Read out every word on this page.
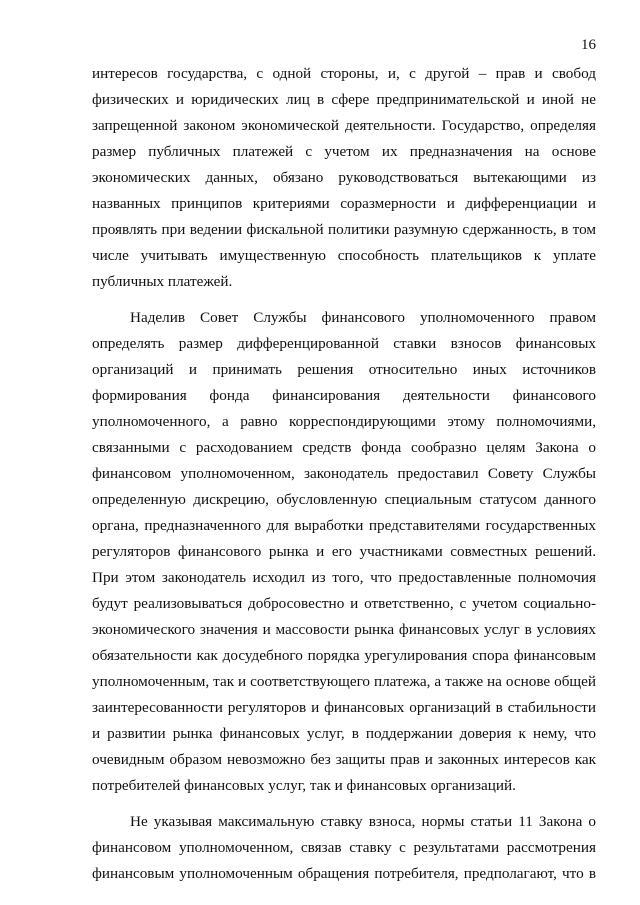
16
интересов государства, с одной стороны, и, с другой – прав и свобод
физических и юридических лиц в сфере предпринимательской и иной не
запрещенной законом экономической деятельности. Государство, определяя
размер публичных платежей с учетом их предназначения на основе
экономических данных, обязано руководствоваться вытекающими из
названных принципов критериями соразмерности и дифференциации и
проявлять при ведении фискальной политики разумную сдержанность, в том
числе учитывать имущественную способность плательщиков к уплате
публичных платежей.
Наделив Совет Службы финансового уполномоченного правом
определять размер дифференцированной ставки взносов финансовых
организаций и принимать решения относительно иных источников
формирования фонда финансирования деятельности финансового
уполномоченного, а равно корреспондирующими этому полномочиями,
связанными с расходованием средств фонда сообразно целям Закона о
финансовом уполномоченном, законодатель предоставил Совету Службы
определенную дискрецию, обусловленную специальным статусом данного
органа, предназначенного для выработки представителями государственных
регуляторов финансового рынка и его участниками совместных решений.
При этом законодатель исходил из того, что предоставленные полномочия
будут реализовываться добросовестно и ответственно, с учетом социально-
экономического значения и массовости рынка финансовых услуг в условиях
обязательности как досудебного порядка урегулирования спора финансовым
уполномоченным, так и соответствующего платежа, а также на основе общей
заинтересованности регуляторов и финансовых организаций в стабильности
и развитии рынка финансовых услуг, в поддержании доверия к нему, что
очевидным образом невозможно без защиты прав и законных интересов как
потребителей финансовых услуг, так и финансовых организаций.
Не указывая максимальную ставку взноса, нормы статьи 11 Закона о
финансовом уполномоченном, связав ставку с результатами рассмотрения
финансовым уполномоченным обращения потребителя, предполагают, что в
